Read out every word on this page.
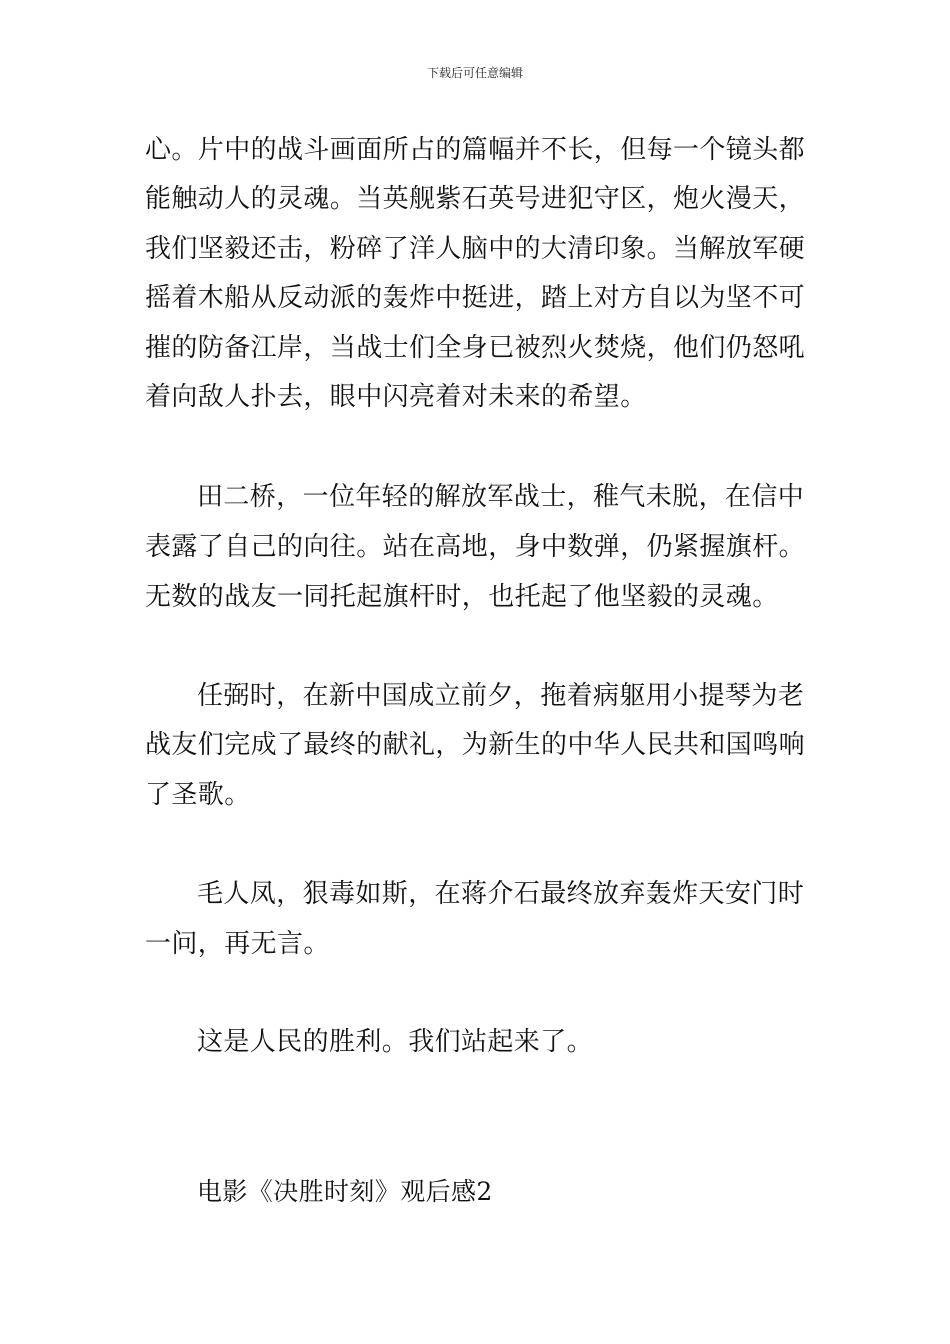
下载后可任意编辑
心。片中的战斗画面所占的篇幅并不长，但每一个镜头都
能触动人的灵魂。当英舰紫石英号进犯守区，炮火漫天，
我们坚毅还击，粉碎了洋人脑中的大清印象。当解放军硬
摇着木船从反动派的轰炸中挺进，踏上对方自以为坚不可
摧的防备江岸，当战士们全身已被烈火焚烧，他们仍怒吼
着向敌人扑去，眼中闪亮着对未来的希望。
田二桥，一位年轻的解放军战士，稚气未脱，在信中
表露了自己的向往。站在高地，身中数弹，仍紧握旗杆。
无数的战友一同托起旗杆时，也托起了他坚毅的灵魂。
任弼时，在新中国成立前夕，拖着病躯用小提琴为老
战友们完成了最终的献礼，为新生的中华人民共和国鸣响
了圣歌。
毛人凤，狠毒如斯，在蒋介石最终放弃轰炸天安门时
一问，再无言。
这是人民的胜利。我们站起来了。
电影《决胜时刻》观后感2
